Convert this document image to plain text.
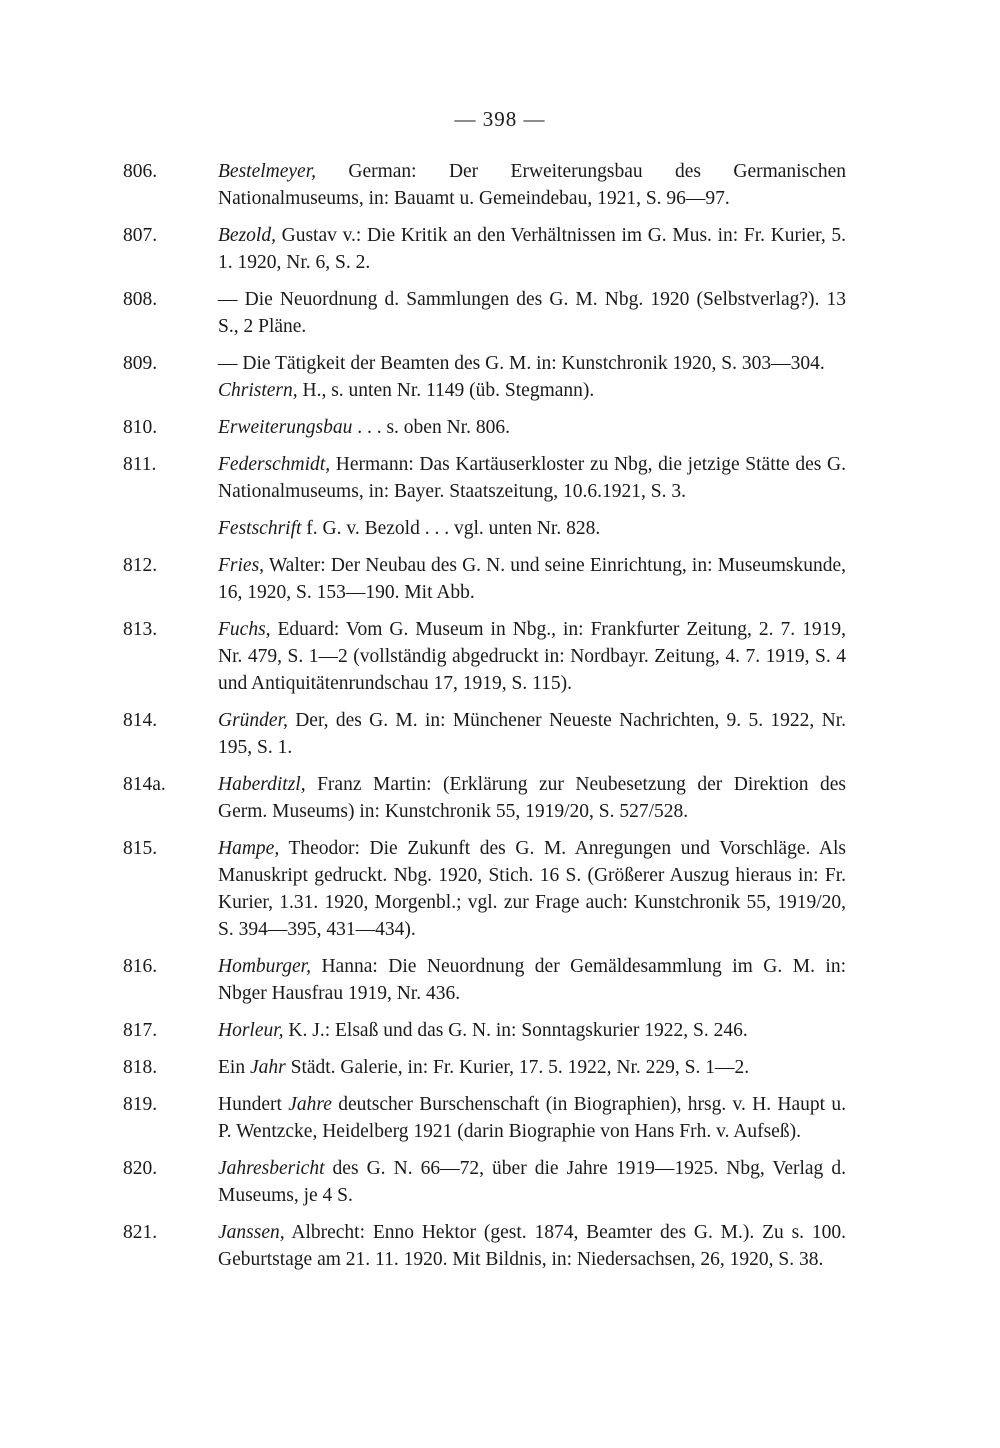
— 398 —
806.	Bestelmeyer, German: Der Erweiterungsbau des Germanischen Nationalmuseums, in: Bauamt u. Gemeindebau, 1921, S. 96—97.
807.	Bezold, Gustav v.: Die Kritik an den Verhältnissen im G. Mus. in: Fr. Kurier, 5. 1. 1920, Nr. 6, S. 2.
808.	— Die Neuordnung d. Sammlungen des G. M. Nbg. 1920 (Selbstverlag?). 13 S., 2 Pläne.
809.	— Die Tätigkeit der Beamten des G. M. in: Kunstchronik 1920, S. 303—304.
Christern, H., s. unten Nr. 1149 (üb. Stegmann).
810.	Erweiterungsbau . . . s. oben Nr. 806.
811.	Federschmidt, Hermann: Das Kartäuserkloster zu Nbg, die jetzige Stätte des G. Nationalmuseums, in: Bayer. Staatszeitung, 10.6.1921, S. 3.
Festschrift f. G. v. Bezold . . . vgl. unten Nr. 828.
812.	Fries, Walter: Der Neubau des G. N. und seine Einrichtung, in: Museumskunde, 16, 1920, S. 153—190. Mit Abb.
813.	Fuchs, Eduard: Vom G. Museum in Nbg., in: Frankfurter Zeitung, 2. 7. 1919, Nr. 479, S. 1—2 (vollständig abgedruckt in: Nordbayr. Zeitung, 4. 7. 1919, S. 4 und Antiquitätenrundschau 17, 1919, S. 115).
814.	Gründer, Der, des G. M. in: Münchener Neueste Nachrichten, 9. 5. 1922, Nr. 195, S. 1.
814a.	Haberditzl, Franz Martin: (Erklärung zur Neubesetzung der Direktion des Germ. Museums) in: Kunstchronik 55, 1919/20, S. 527/528.
815.	Hampe, Theodor: Die Zukunft des G. M. Anregungen und Vorschläge. Als Manuskript gedruckt. Nbg. 1920, Stich. 16 S. (Größerer Auszug hieraus in: Fr. Kurier, 1.31. 1920, Morgenbl.; vgl. zur Frage auch: Kunstchronik 55, 1919/20, S. 394—395, 431—434).
816.	Homburger, Hanna: Die Neuordnung der Gemäldesammlung im G. M. in: Nbger Hausfrau 1919, Nr. 436.
817.	Horleur, K. J.: Elsaß und das G. N. in: Sonntagskurier 1922, S. 246.
818.	Ein Jahr Städt. Galerie, in: Fr. Kurier, 17. 5. 1922, Nr. 229, S. 1—2.
819.	Hundert Jahre deutscher Burschenschaft (in Biographien), hrsg. v. H. Haupt u. P. Wentzcke, Heidelberg 1921 (darin Biographie von Hans Frh. v. Aufseß).
820.	Jahresbericht des G. N. 66—72, über die Jahre 1919—1925. Nbg, Verlag d. Museums, je 4 S.
821.	Janssen, Albrecht: Enno Hektor (gest. 1874, Beamter des G. M.). Zu s. 100. Geburtstage am 21. 11. 1920. Mit Bildnis, in: Niedersachsen, 26, 1920, S. 38.
